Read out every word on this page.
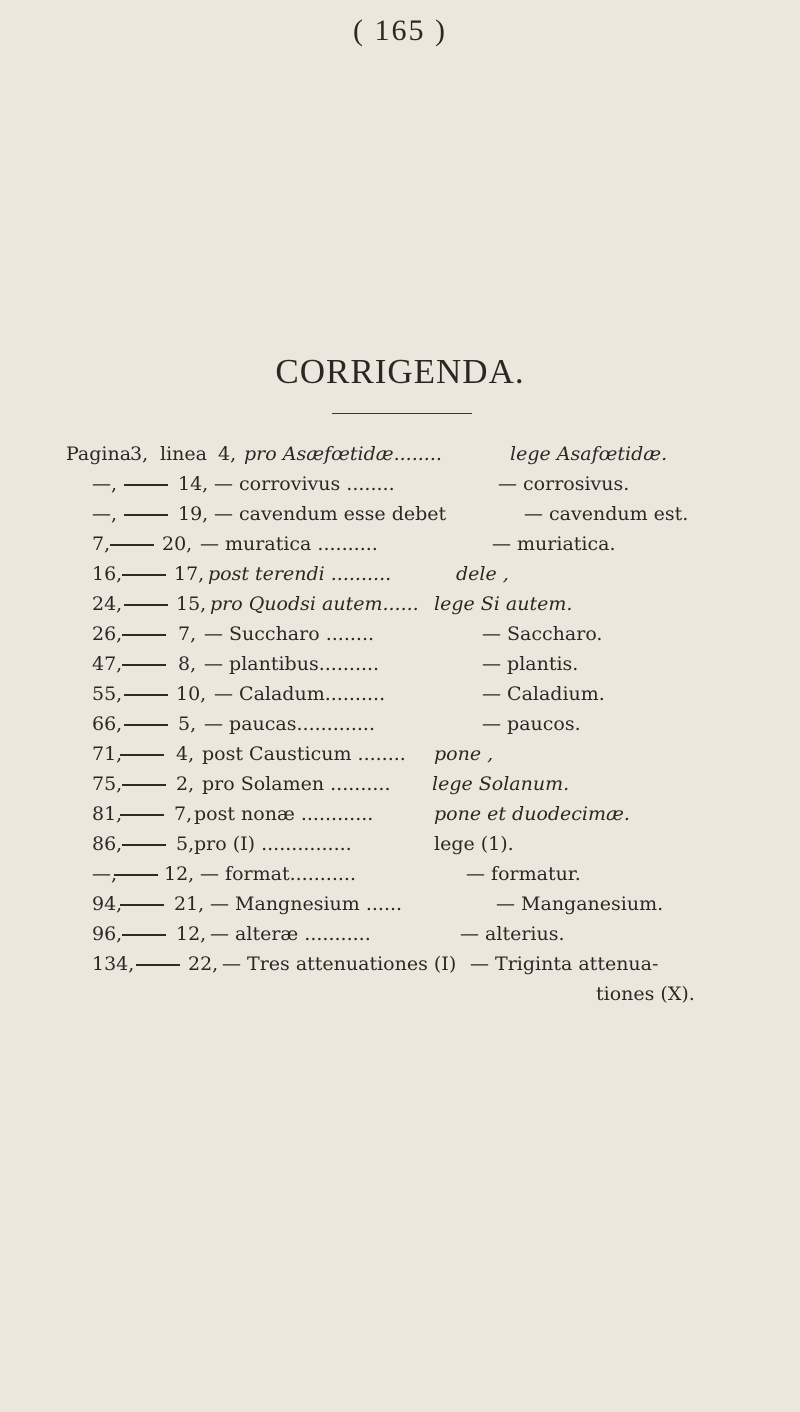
( 165 )
CORRIGENDA.
Pagina
3, linea 4, pro Asæfœtidæ........	lege Asafœtidæ.
—,	14, — corrovivus ........	— corrosivus.
—,	19, — cavendum esse debet	— cavendum est.
7,	20, — muratica ..........	— muriatica.
16,	17, post terendi ..........	dele ,
24,	15, pro Quodsi autem...... lege Si autem.
26,	7, — Succharo ........	— Saccharo.
47,	8, — plantibus..........	— plantis.
55,	10, — Caladum..........	— Caladium.
66,	5, — paucas.............	— paucos.
71,	4, post Causticum ........ pone ,
75,	2, pro Solamen .......... lege Solanum.
81,	7, post nonæ ............	pone et duodecimæ.
86,	5, pro (I) ...............	lege (1).
—, 12, — format...........	— formatur.
94,	21, — Mangnesium ......	— Manganesium.
96,	12, — alteræ ...........	— alterius.
134,	22, — Tres attenuationes (I) — Triginta attenua-
tiones (X).
